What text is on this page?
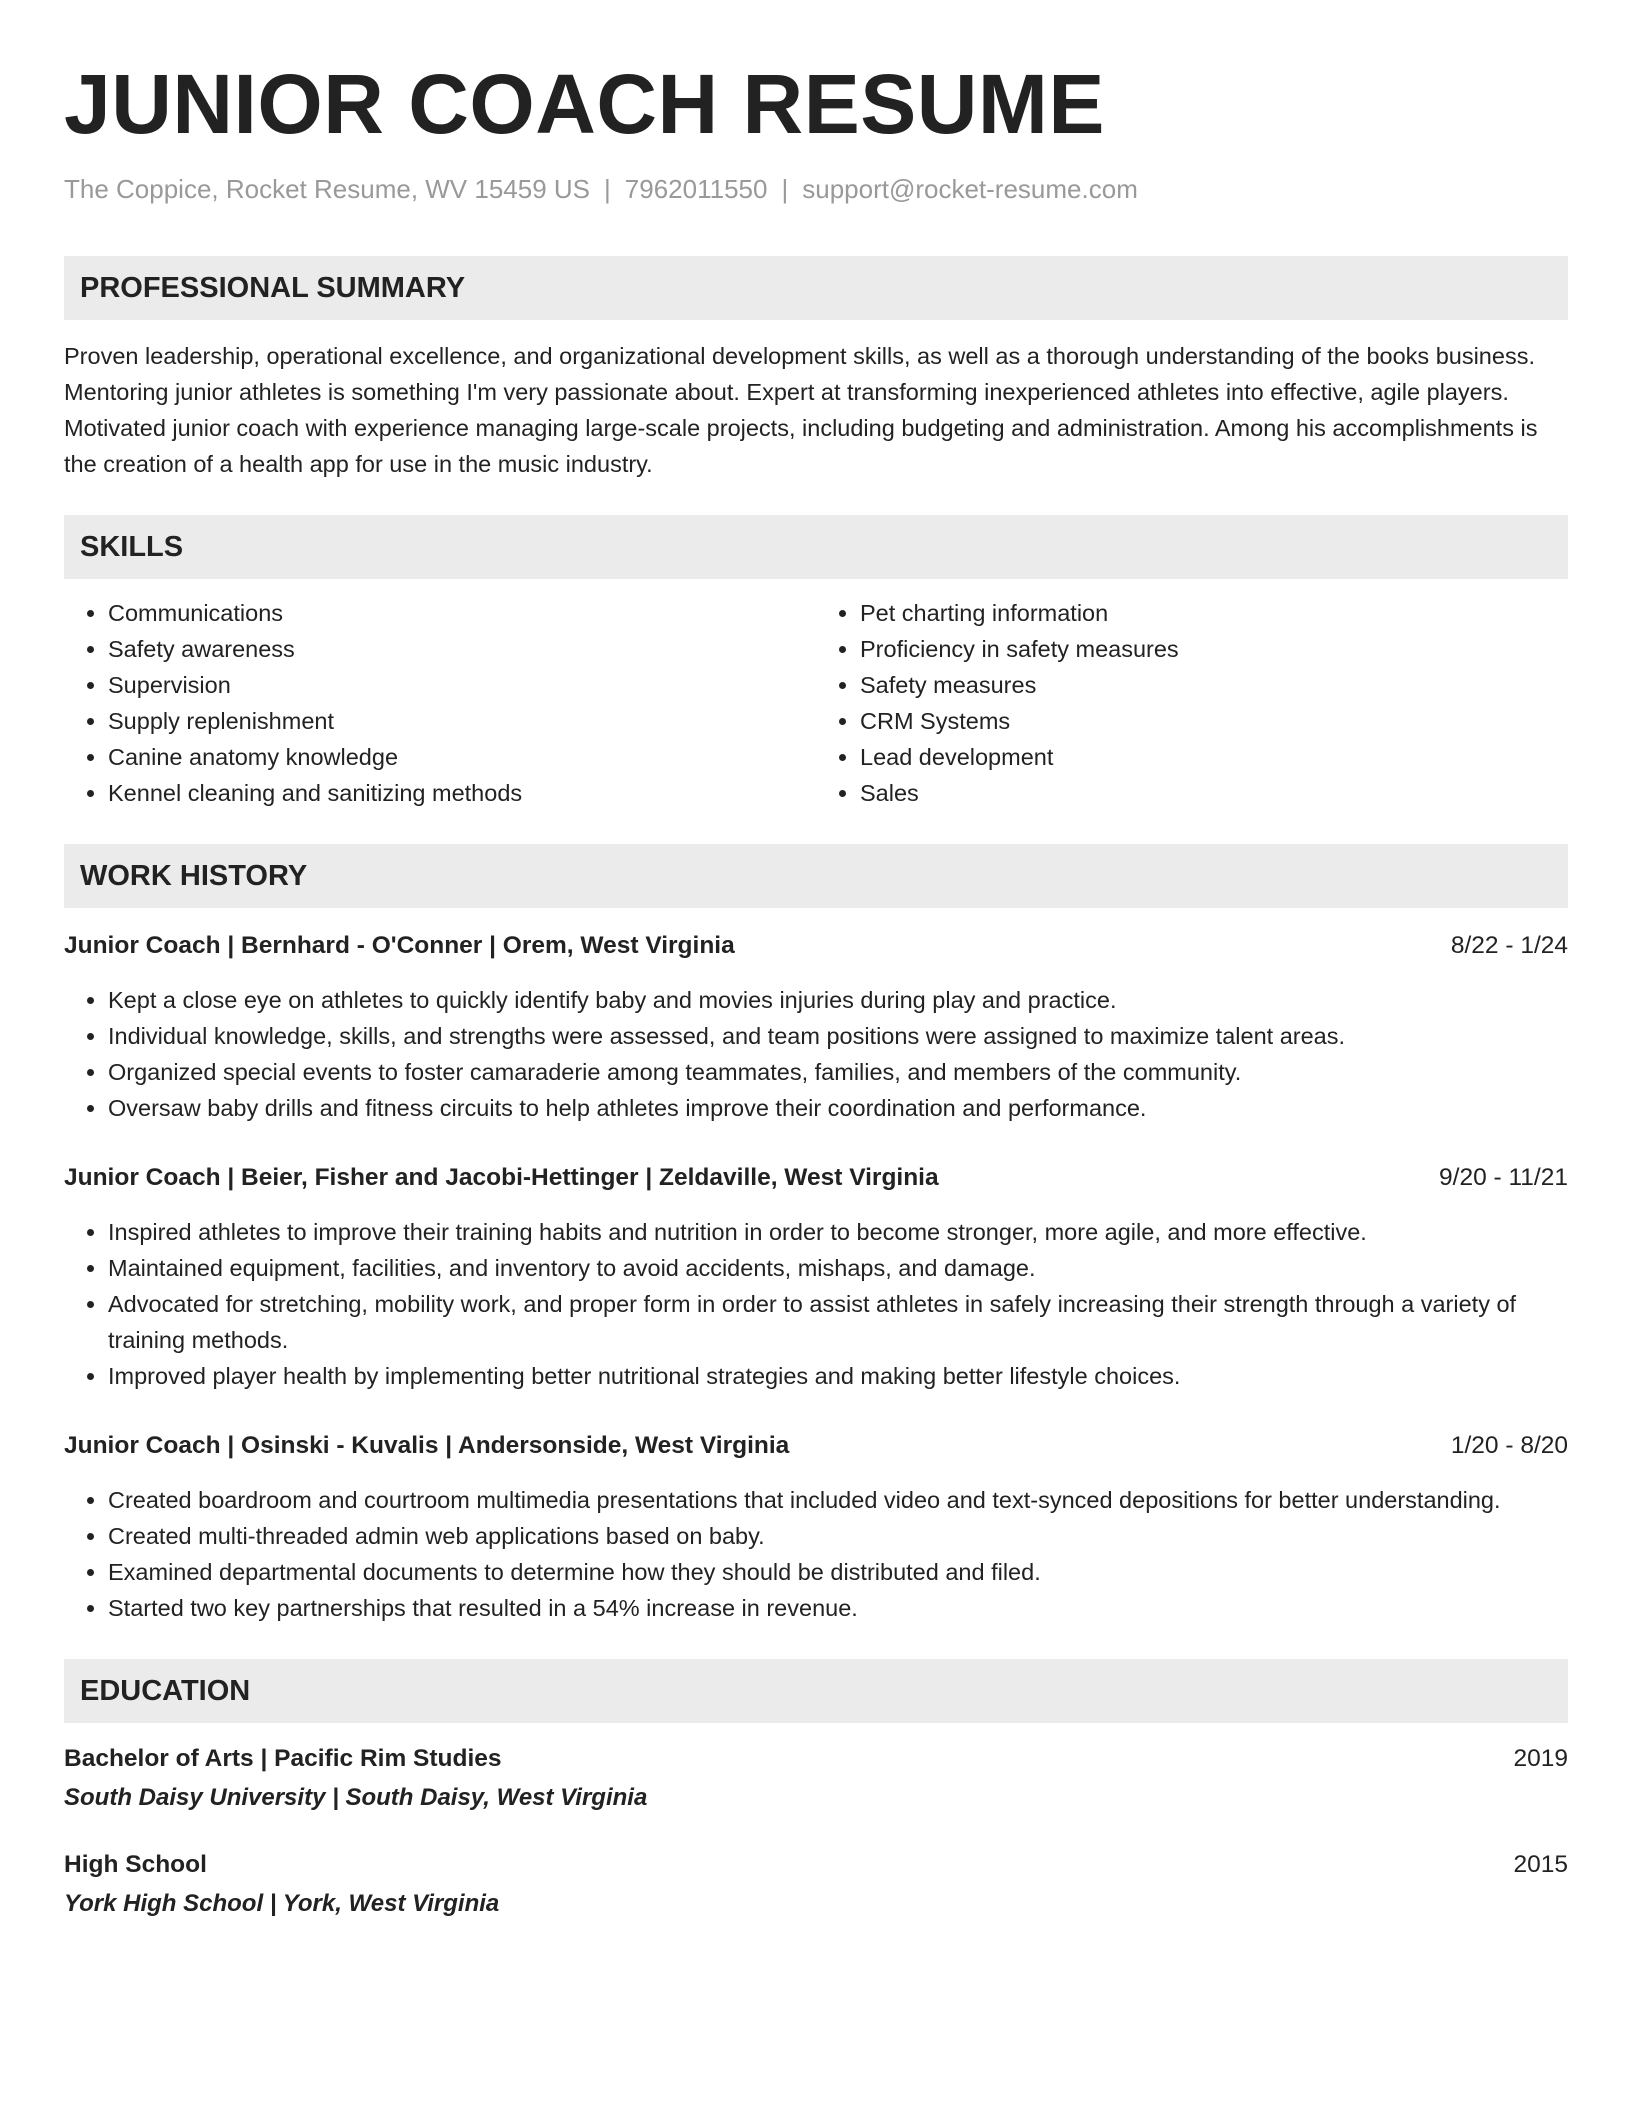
JUNIOR COACH RESUME
The Coppice, Rocket Resume, WV 15459 US | 7962011550 | support@rocket-resume.com
PROFESSIONAL SUMMARY
Proven leadership, operational excellence, and organizational development skills, as well as a thorough understanding of the books business. Mentoring junior athletes is something I'm very passionate about. Expert at transforming inexperienced athletes into effective, agile players. Motivated junior coach with experience managing large-scale projects, including budgeting and administration. Among his accomplishments is the creation of a health app for use in the music industry.
SKILLS
• Communications
• Safety awareness
• Supervision
• Supply replenishment
• Canine anatomy knowledge
• Kennel cleaning and sanitizing methods
• Pet charting information
• Proficiency in safety measures
• Safety measures
• CRM Systems
• Lead development
• Sales
WORK HISTORY
Junior Coach | Bernhard - O'Conner | Orem, West Virginia	8/22 - 1/24
• Kept a close eye on athletes to quickly identify baby and movies injuries during play and practice.
• Individual knowledge, skills, and strengths were assessed, and team positions were assigned to maximize talent areas.
• Organized special events to foster camaraderie among teammates, families, and members of the community.
• Oversaw baby drills and fitness circuits to help athletes improve their coordination and performance.
Junior Coach | Beier, Fisher and Jacobi-Hettinger | Zeldaville, West Virginia	9/20 - 11/21
• Inspired athletes to improve their training habits and nutrition in order to become stronger, more agile, and more effective.
• Maintained equipment, facilities, and inventory to avoid accidents, mishaps, and damage.
• Advocated for stretching, mobility work, and proper form in order to assist athletes in safely increasing their strength through a variety of training methods.
• Improved player health by implementing better nutritional strategies and making better lifestyle choices.
Junior Coach | Osinski - Kuvalis | Andersonside, West Virginia	1/20 - 8/20
• Created boardroom and courtroom multimedia presentations that included video and text-synced depositions for better understanding.
• Created multi-threaded admin web applications based on baby.
• Examined departmental documents to determine how they should be distributed and filed.
• Started two key partnerships that resulted in a 54% increase in revenue.
EDUCATION
Bachelor of Arts | Pacific Rim Studies	2019
South Daisy University | South Daisy, West Virginia
High School	2015
York High School | York, West Virginia
